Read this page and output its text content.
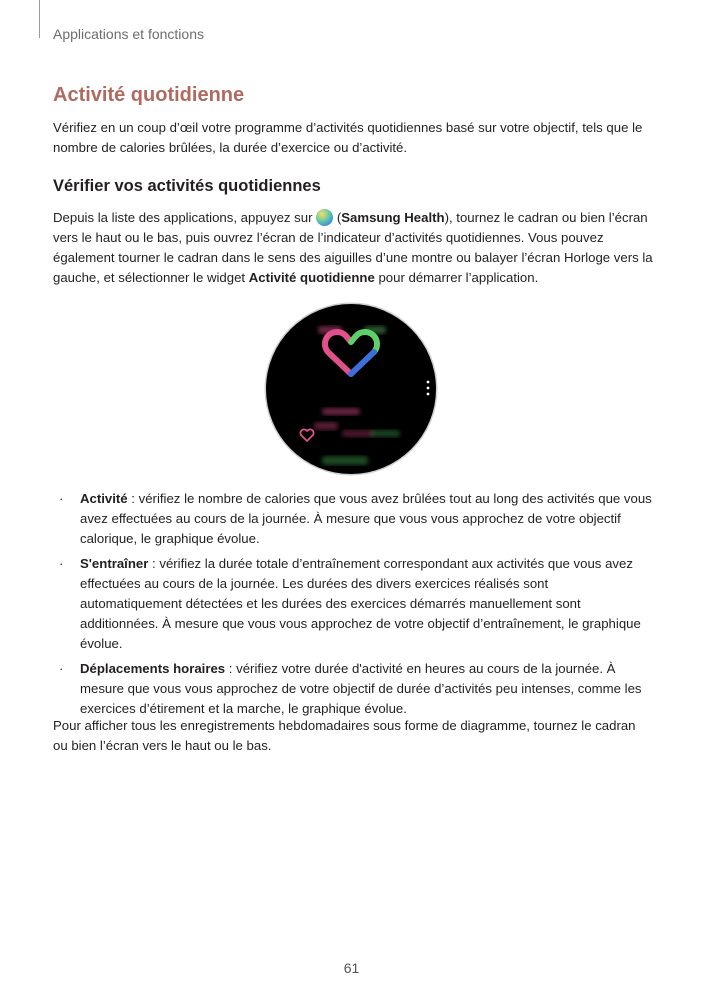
Applications et fonctions
Activité quotidienne

Vérifiez en un coup d’œil votre programme d’activités quotidiennes basé sur votre objectif, tels que le nombre de calories brûlées, la durée d’exercice ou d’activité.

Vérifier vos activités quotidiennes

Depuis la liste des applications, appuyez sur  (Samsung Health), tournez le cadran ou bien l’écran vers le haut ou le bas, puis ouvrez l’écran de l’indicateur d’activités quotidiennes. Vous pouvez également tourner le cadran dans le sens des aiguilles d’une montre ou balayer l’écran Horloge vers la gauche, et sélectionner le widget Activité quotidienne pour démarrer l’application.

· Activité : vérifiez le nombre de calories que vous avez brûlées tout au long des activités que vous avez effectuées au cours de la journée. À mesure que vous vous approchez de votre objectif calorique, le graphique évolue.
· S'entraîner : vérifiez la durée totale d’entraînement correspondant aux activités que vous avez effectuées au cours de la journée. Les durées des divers exercices réalisés sont automatiquement détectées et les durées des exercices démarrés manuellement sont additionnées. À mesure que vous vous approchez de votre objectif d’entraînement, le graphique évolue.
· Déplacements horaires : vérifiez votre durée d'activité en heures au cours de la journée. À mesure que vous vous approchez de votre objectif de durée d’activités peu intenses, comme les exercices d’étirement et la marche, le graphique évolue.

Pour afficher tous les enregistrements hebdomadaires sous forme de diagramme, tournez le cadran ou bien l’écran vers le haut ou le bas.

61
